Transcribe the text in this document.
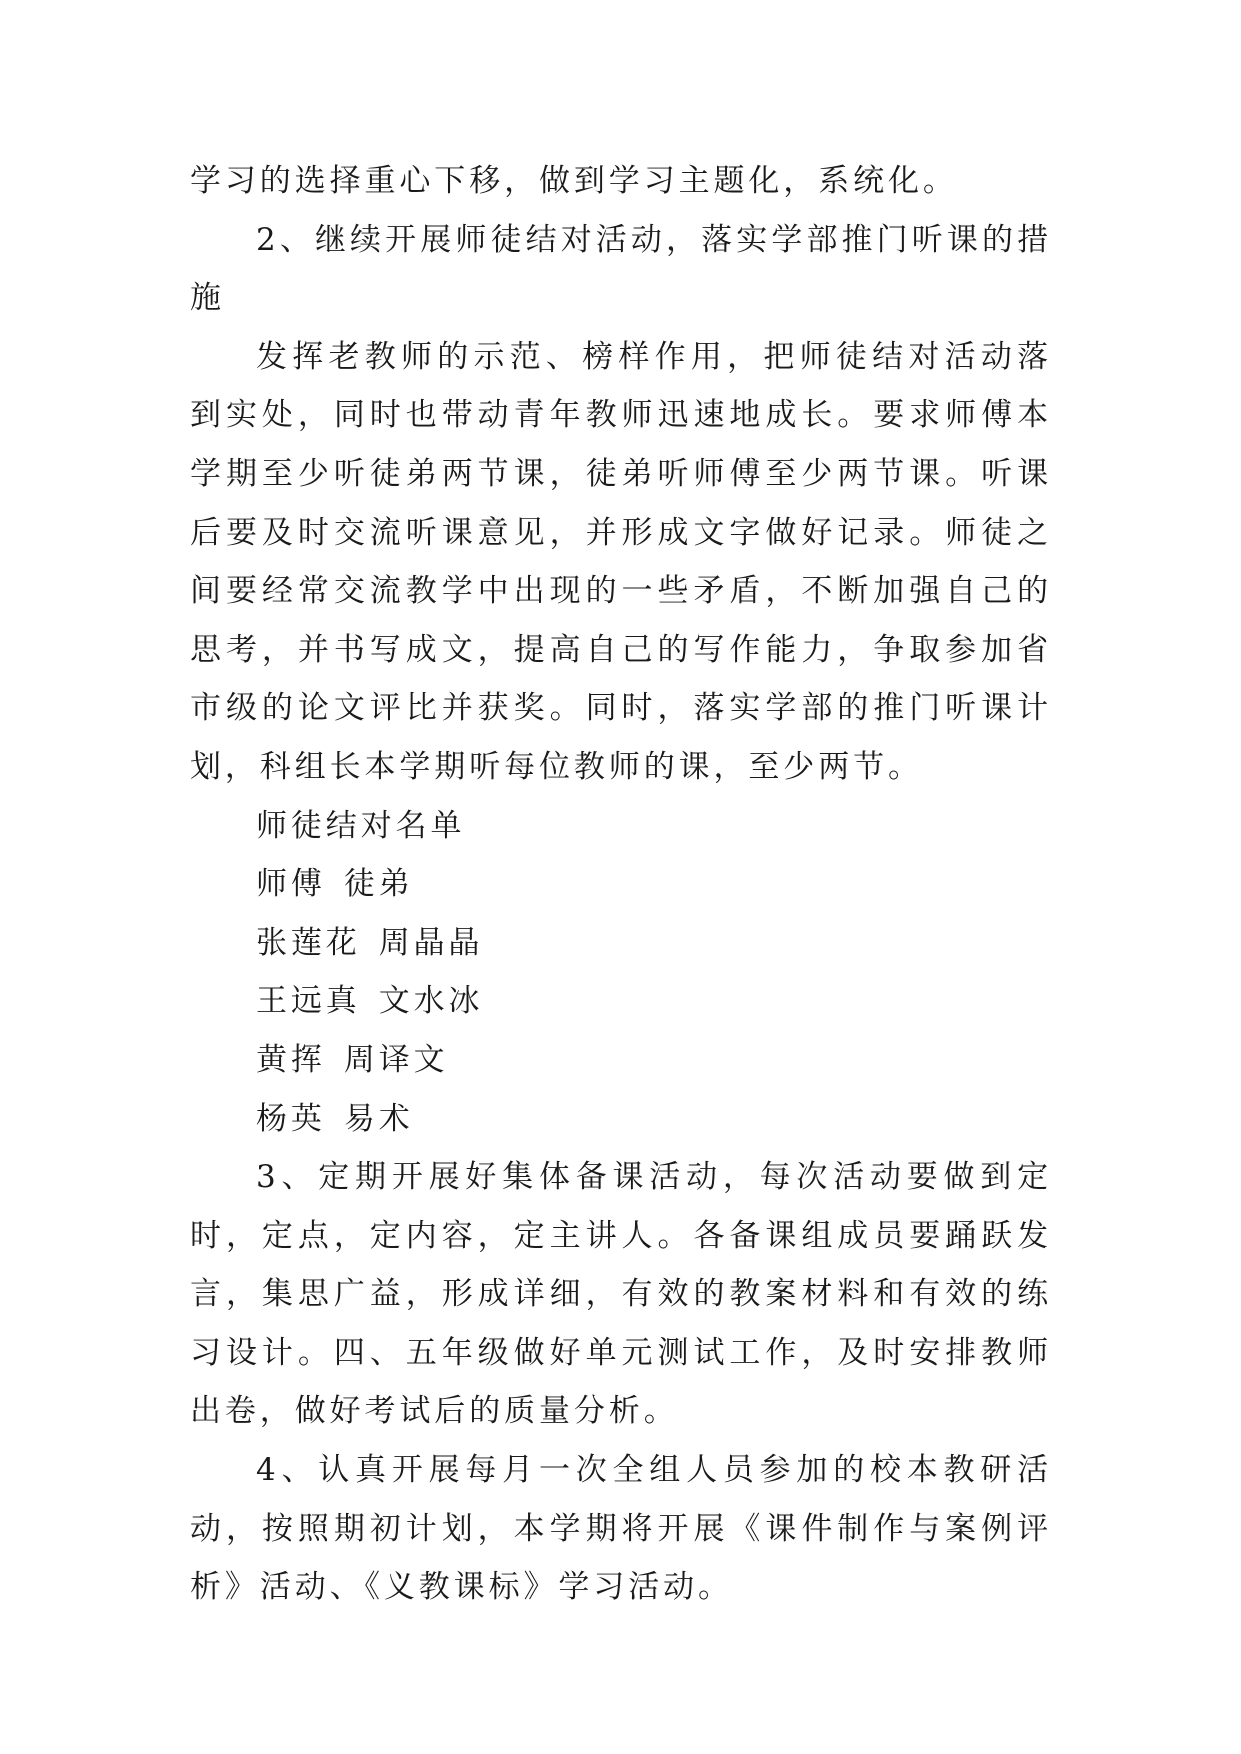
学习的选择重心下移，做到学习主题化，系统化。

2、继续开展师徒结对活动，落实学部推门听课的措施

发挥老教师的示范、榜样作用，把师徒结对活动落到实处，同时也带动青年教师迅速地成长。要求师傅本学期至少听徒弟两节课，徒弟听师傅至少两节课。听课后要及时交流听课意见，并形成文字做好记录。师徒之间要经常交流教学中出现的一些矛盾，不断加强自己的思考，并书写成文，提高自己的写作能力，争取参加省市级的论文评比并获奖。同时，落实学部的推门听课计划，科组长本学期听每位教师的课，至少两节。

师徒结对名单

师傅 徒弟

张莲花 周晶晶

王远真 文水冰

黄挥 周译文

杨英 易术

3、定期开展好集体备课活动，每次活动要做到定时，定点，定内容，定主讲人。各备课组成员要踊跃发言，集思广益，形成详细，有效的教案材料和有效的练习设计。四、五年级做好单元测试工作，及时安排教师出卷，做好考试后的质量分析。

4、认真开展每月一次全组人员参加的校本教研活动，按照期初计划，本学期将开展《课件制作与案例评析》活动、《义教课标》学习活动。
